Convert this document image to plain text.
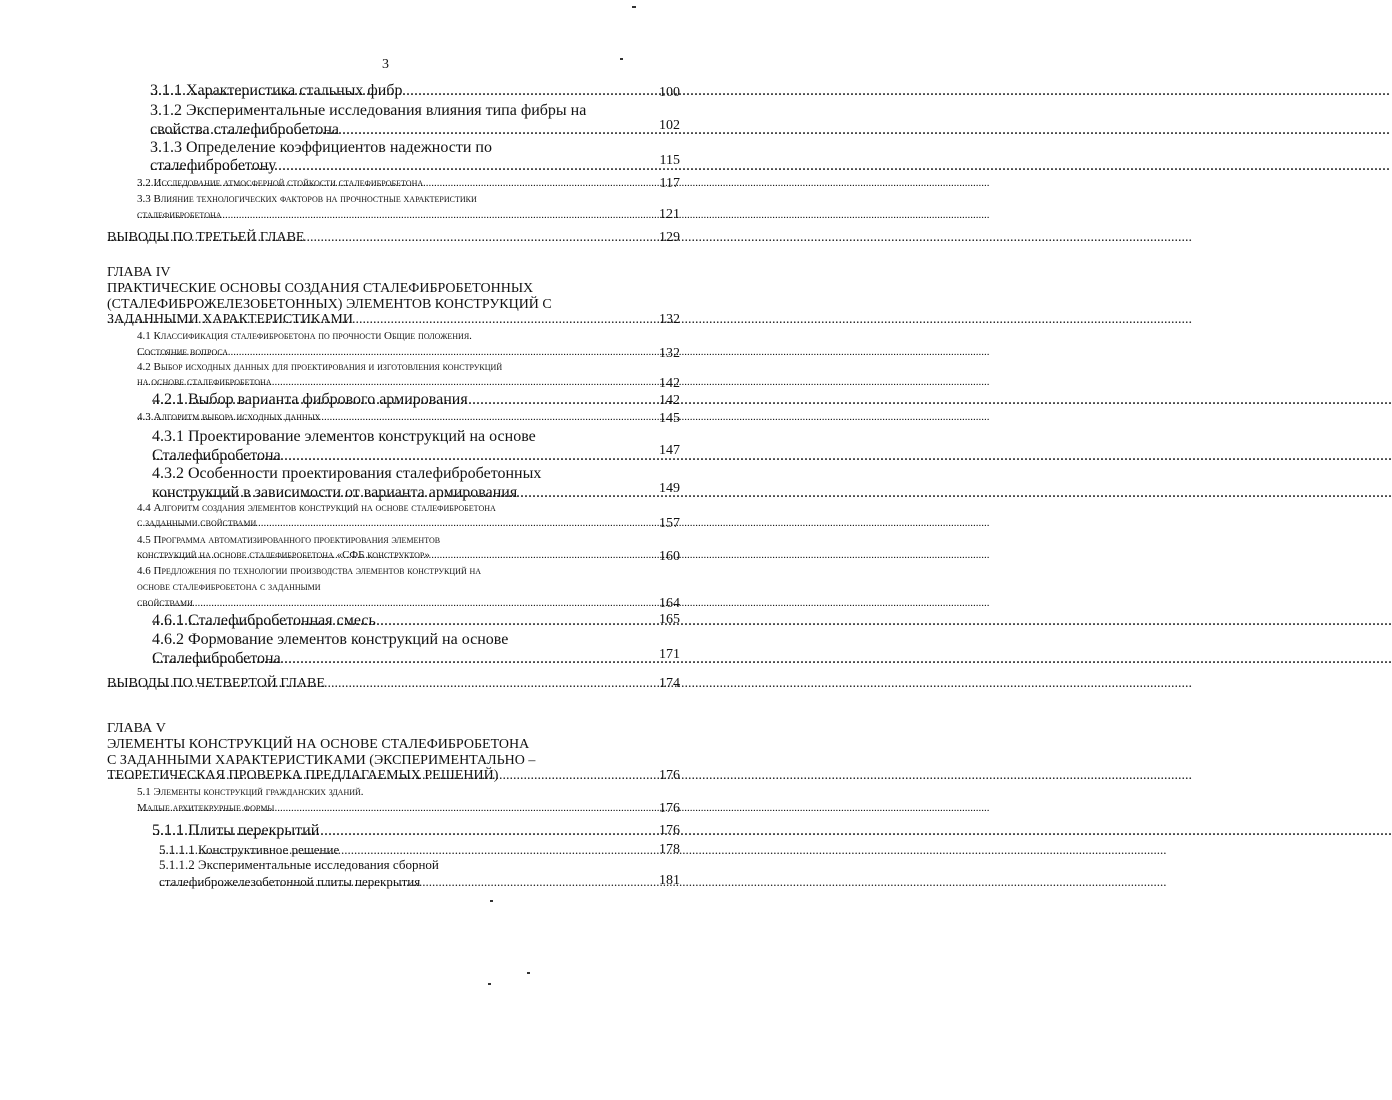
3
3.1.1 Характеристика стальных фибр .....	100
3.1.2 Экспериментальные исследования влияния типа фибры на
свойства сталефибробетона .....	102
3.1.3 Определение коэффициентов надежности по
сталефибробетону .....	115
3.2 Исследование атмосферной стойкости сталефибробетона .....	117
3.3 Влияние технологических факторов на прочностные характеристики
сталефибробетона .....	121
ВЫВОДЫ ПО ТРЕТЬЕЙ ГЛАВЕ .....	129
ГЛАВА IV
ПРАКТИЧЕСКИЕ ОСНОВЫ СОЗДАНИЯ СТАЛЕФИБРОБЕТОННЫХ
(СТАЛЕФИБРОЖЕЛЕЗОБЕТОННЫХ) ЭЛЕМЕНТОВ КОНСТРУКЦИЙ С
ЗАДАННЫМИ ХАРАКТЕРИСТИКАМИ .....	132
4.1 Классификация сталефибробетона по прочности Общие положения.
Состояние вопроса .....	132
4.2 Выбор исходных данных для проектирования и изготовления конструкций
на основе сталефибробетона .....	142
4.2.1 Выбор варианта фибрового армирования .....	142
4.3 Алгоритм выбора исходных данных .....	145
4.3.1 Проектирование элементов конструкций на основе
Сталефибробетона .....	147
4.3.2 Особенности проектирования сталефибробетонных
конструкций в зависимости от варианта армирования .....	149
4.4 Алгоритм создания элементов конструкций на основе сталефибробетона
с заданными свойствами .....	157
4.5 Программа автоматизированного проектирования элементов
конструкций на основе сталефибробетона «СФБ конструктор» .....	160
4.6 Предложения по технологии производства элементов конструкций на
основе сталефибробетона с заданными
свойствами .....	164
4.6.1 Сталефибробетонная смесь .....	165
4.6.2 Формование элементов конструкций на основе
Сталефибробетона .....	171
ВЫВОДЫ ПО ЧЕТВЕРТОЙ ГЛАВЕ .....	174
ГЛАВА V
ЭЛЕМЕНТЫ КОНСТРУКЦИЙ НА ОСНОВЕ СТАЛЕФИБРОБЕТОНА
С ЗАДАННЫМИ ХАРАКТЕРИСТИКАМИ (ЭКСПЕРИМЕНТАЛЬНО –
ТЕОРЕТИЧЕСКАЯ ПРОВЕРКА ПРЕДЛАГАЕМЫХ РЕШЕНИЙ) .....	176
5.1 Элементы конструкций гражданских зданий.
Малые архитекрурные формы .....	176
5.1.1 Плиты перекрытий .....	176
5.1.1.1 Конструктивное решение .....	178
5.1.1.2 Экспериментальные исследования сборной
сталефиброжелезобетонной плиты перекрытия .....	181
